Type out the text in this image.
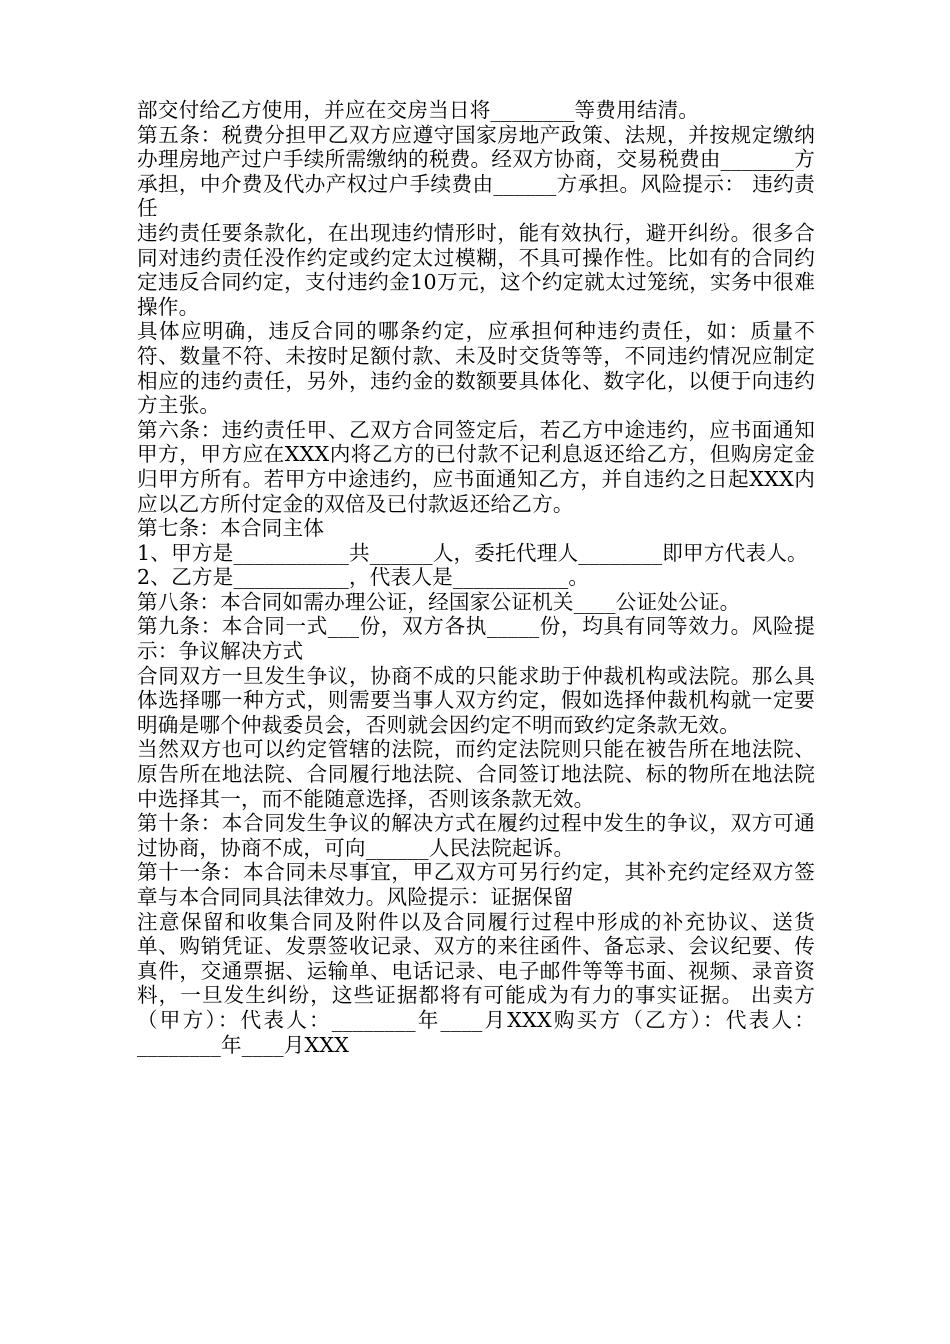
部交付给乙方使用，并应在交房当日将________等费用结清。

第五条：税费分担甲乙双方应遵守国家房地产政策、法规，并按规定缴纳办理房地产过户手续所需缴纳的税费。经双方协商，交易税费由_______方承担，中介费及代办产权过户手续费由______方承担。风险提示： 违约责任

违约责任要条款化，在出现违约情形时，能有效执行，避开纠纷。很多合同对违约责任没作约定或约定太过模糊，不具可操作性。比如有的合同约定违反合同约定，支付违约金10万元，这个约定就太过笼统，实务中很难操作。

具体应明确，违反合同的哪条约定，应承担何种违约责任，如：质量不符、数量不符、未按时足额付款、未及时交货等等，不同违约情况应制定相应的违约责任，另外，违约金的数额要具体化、数字化，以便于向违约方主张。

第六条：违约责任甲、乙双方合同签定后，若乙方中途违约，应书面通知甲方，甲方应在XXX内将乙方的已付款不记利息返还给乙方，但购房定金归甲方所有。若甲方中途违约，应书面通知乙方，并自违约之日起XXX内应以乙方所付定金的双倍及已付款返还给乙方。

第七条：本合同主体

1、甲方是___________共______人，委托代理人________即甲方代表人。

2、乙方是___________，代表人是___________。

第八条：本合同如需办理公证，经国家公证机关____公证处公证。

第九条：本合同一式___份，双方各执_____份，均具有同等效力。风险提示：争议解决方式

合同双方一旦发生争议，协商不成的只能求助于仲裁机构或法院。那么具体选择哪一种方式，则需要当事人双方约定，假如选择仲裁机构就一定要明确是哪个仲裁委员会，否则就会因约定不明而致约定条款无效。

当然双方也可以约定管辖的法院，而约定法院则只能在被告所在地法院、原告所在地法院、合同履行地法院、合同签订地法院、标的物所在地法院中选择其一，而不能随意选择，否则该条款无效。

第十条：本合同发生争议的解决方式在履约过程中发生的争议，双方可通过协商，协商不成，可向______人民法院起诉。

第十一条：本合同未尽事宜，甲乙双方可另行约定，其补充约定经双方签章与本合同同具法律效力。风险提示：证据保留

注意保留和收集合同及附件以及合同履行过程中形成的补充协议、送货单、购销凭证、发票签收记录、双方的来往函件、备忘录、会议纪要、传真件，交通票据、运输单、电话记录、电子邮件等等书面、视频、录音资料，一旦发生纠纷，这些证据都将有可能成为有力的事实证据。 出卖方（甲方）：代表人：________年____月XXX购买方（乙方）：代表人：________年____月XXX
